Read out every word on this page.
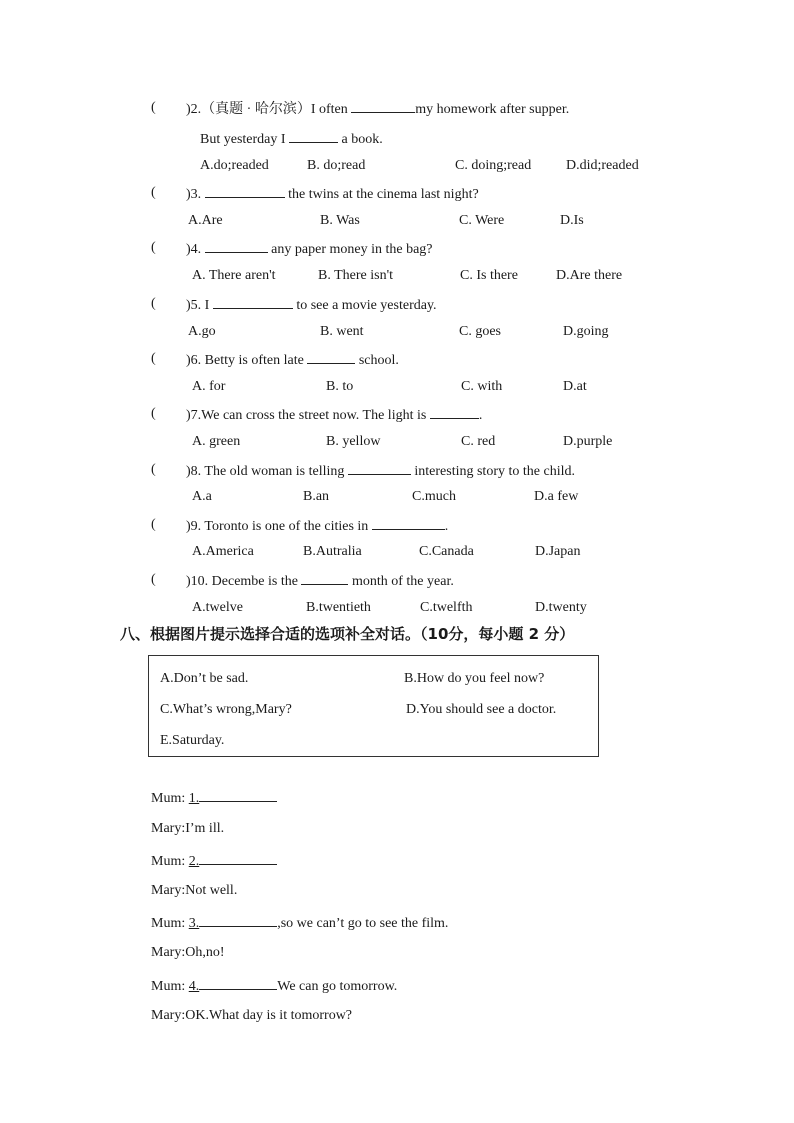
( )2.（真题 · 哈尔滨）I often	my homework after supper.
But yesterday I	a book.
A.do;readed	B. do;read	C. doing;read D.did;readed
( )3.	the twins at the cinema last night?
A.Are	B. Was	C. Were	D.Is
( )4.	any paper money in the bag?
A. There aren't	B. There isn't	C. Is there	D.Are there
( )5. I	to see a movie yesterday.
A.go	B. went	C. goes	D.going
( )6. Betty is often late	school.
A. for	B. to	C. with	D.at
( )7.We can cross the street now. The light is	.
A. green	B. yellow	C. red	D.purple
( )8. The old woman is telling	interesting story to the child.
A.a	B.an	C.much	D.a few
( )9. Toronto is one of the cities in	.
A.America	B.Autralia	C.Canada	D.Japan
( )10. Decembe is the	month of the year.
A.twelve	B.twentieth	C.twelfth	D.twenty
八、根据图片提示选择合适的选项补全对话。（10分，每小题 2 分）
A.Don’t be sad.	B.How do you feel now?
C.What’s wrong,Mary?	D.You should see a doctor.
E.Saturday.
Mum: 1.
Mary:I’m ill.
Mum: 2.
Mary:Not well.
Mum: 3.	,so we can’t go to see the film.
Mary:Oh,no!
Mum: 4.	We can go tomorrow.
Mary:OK.What day is it tomorrow?
